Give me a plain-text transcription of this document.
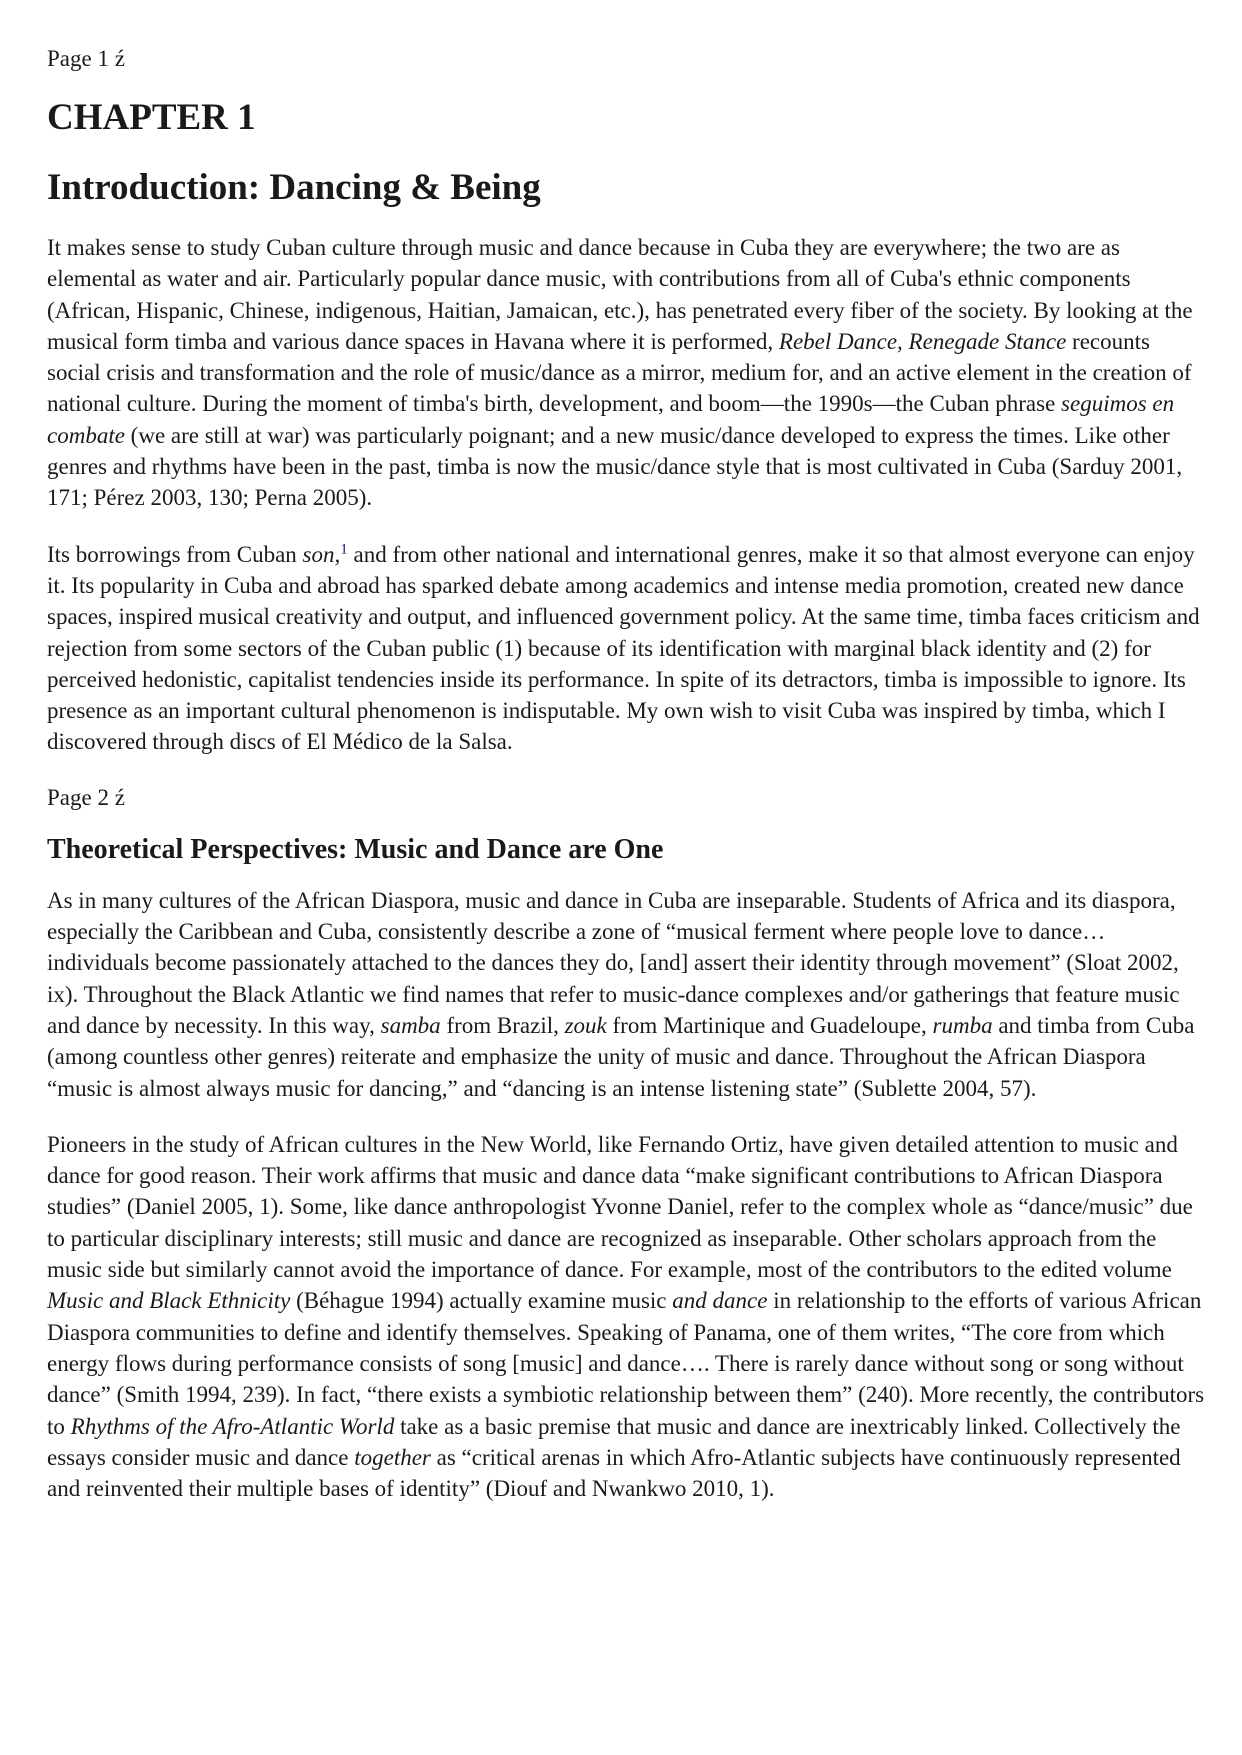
Page 1 ź
CHAPTER 1
Introduction: Dancing & Being

It makes sense to study Cuban culture through music and dance because in Cuba they are everywhere; the two are as elemental as water and air. Particularly popular dance music, with contributions from all of Cuba's ethnic components (African, Hispanic, Chinese, indigenous, Haitian, Jamaican, etc.), has penetrated every fiber of the society. By looking at the musical form timba and various dance spaces in Havana where it is performed, Rebel Dance, Renegade Stance recounts social crisis and transformation and the role of music/dance as a mirror, medium for, and an active element in the creation of national culture. During the moment of timba's birth, development, and boom—the 1990s—the Cuban phrase seguimos en combate (we are still at war) was particularly poignant; and a new music/dance developed to express the times. Like other genres and rhythms have been in the past, timba is now the music/dance style that is most cultivated in Cuba (Sarduy 2001, 171; Pérez 2003, 130; Perna 2005).

Its borrowings from Cuban son,$^1$ and from other national and international genres, make it so that almost everyone can enjoy it. Its popularity in Cuba and abroad has sparked debate among academics and intense media promotion, created new dance spaces, inspired musical creativity and output, and influenced government policy. At the same time, timba faces criticism and rejection from some sectors of the Cuban public (1) because of its identification with marginal black identity and (2) for perceived hedonistic, capitalist tendencies inside its performance. In spite of its detractors, timba is impossible to ignore. Its presence as an important cultural phenomenon is indisputable. My own wish to visit Cuba was inspired by timba, which I discovered through discs of El Médico de la Salsa.

Page 2 ź
Theoretical Perspectives: Music and Dance are One

As in many cultures of the African Diaspora, music and dance in Cuba are inseparable. Students of Africa and its diaspora, especially the Caribbean and Cuba, consistently describe a zone of “musical ferment where people love to dance…individuals become passionately attached to the dances they do, [and] assert their identity through movement” (Sloat 2002, ix). Throughout the Black Atlantic we find names that refer to music-dance complexes and/or gatherings that feature music and dance by necessity. In this way, samba from Brazil, zouk from Martinique and Guadeloupe, rumba and timba from Cuba (among countless other genres) reiterate and emphasize the unity of music and dance. Throughout the African Diaspora “music is almost always music for dancing,” and “dancing is an intense listening state” (Sublette 2004, 57).

Pioneers in the study of African cultures in the New World, like Fernando Ortiz, have given detailed attention to music and dance for good reason. Their work affirms that music and dance data “make significant contributions to African Diaspora studies” (Daniel 2005, 1). Some, like dance anthropologist Yvonne Daniel, refer to the complex whole as “dance/music” due to particular disciplinary interests; still music and dance are recognized as inseparable. Other scholars approach from the music side but similarly cannot avoid the importance of dance. For example, most of the contributors to the edited volume Music and Black Ethnicity (Béhague 1994) actually examine music and dance in relationship to the efforts of various African Diaspora communities to define and identify themselves. Speaking of Panama, one of them writes, “The core from which energy flows during performance consists of song [music] and dance…. There is rarely dance without song or song without dance” (Smith 1994, 239). In fact, “there exists a symbiotic relationship between them” (240). More recently, the contributors to Rhythms of the Afro-Atlantic World take as a basic premise that music and dance are inextricably linked. Collectively the essays consider music and dance together as “critical arenas in which Afro-Atlantic subjects have continuously represented and reinvented their multiple bases of identity” (Diouf and Nwankwo 2010, 1).
